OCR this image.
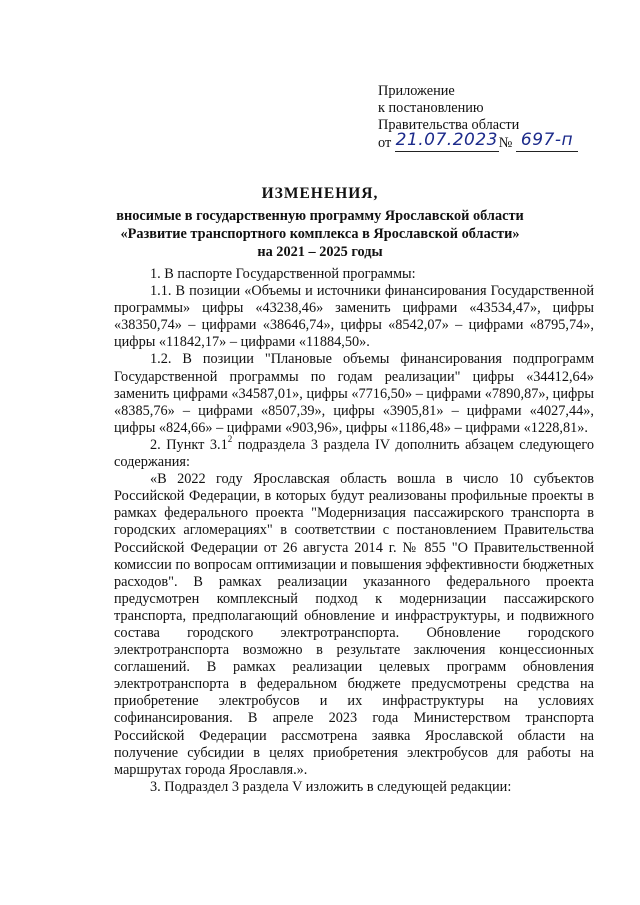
Приложение
к постановлению
Правительства области
от 21.07.2023№ 697-п
ИЗМЕНЕНИЯ,
вносимые в государственную программу Ярославской области
«Развитие транспортного комплекса в Ярославской области»
на 2021 – 2025 годы

1. В паспорте Государственной программы:

1.1. В позиции «Объемы и источники финансирования Государственной программы» цифры «43238,46» заменить цифрами «43534,47», цифры «38350,74» – цифрами «38646,74», цифры «8542,07» – цифрами «8795,74», цифры «11842,17» – цифрами «11884,50».

1.2. В позиции "Плановые объемы финансирования подпрограмм Государственной программы по годам реализации" цифры «34412,64» заменить цифрами «34587,01», цифры «7716,50» – цифрами «7890,87», цифры «8385,76» – цифрами «8507,39», цифры «3905,81» – цифрами «4027,44», цифры «824,66» – цифрами «903,96», цифры «1186,48» – цифрами «1228,81».

2. Пункт $3.1^2$ подраздела 3 раздела IV дополнить абзацем следующего содержания:

«В 2022 году Ярославская область вошла в число 10 субъектов Российской Федерации, в которых будут реализованы профильные проекты в рамках федерального проекта "Модернизация пассажирского транспорта в городских агломерациях" в соответствии с постановлением Правительства Российской Федерации от 26 августа 2014 г. № 855 "О Правительственной комиссии по вопросам оптимизации и повышения эффективности бюджетных расходов". В рамках реализации указанного федерального проекта предусмотрен комплексный подход к модернизации пассажирского транспорта, предполагающий обновление и инфраструктуры, и подвижного состава городского электротранспорта. Обновление городского электротранспорта возможно в результате заключения концессионных соглашений. В рамках реализации целевых программ обновления электротранспорта в федеральном бюджете предусмотрены средства на приобретение электробусов и их инфраструктуры на условиях софинансирования. В апреле 2023 года Министерством транспорта Российской Федерации рассмотрена заявка Ярославской области на получение субсидии в целях приобретения электробусов для работы на маршрутах города Ярославля.».

3. Подраздел 3 раздела V изложить в следующей редакции:
